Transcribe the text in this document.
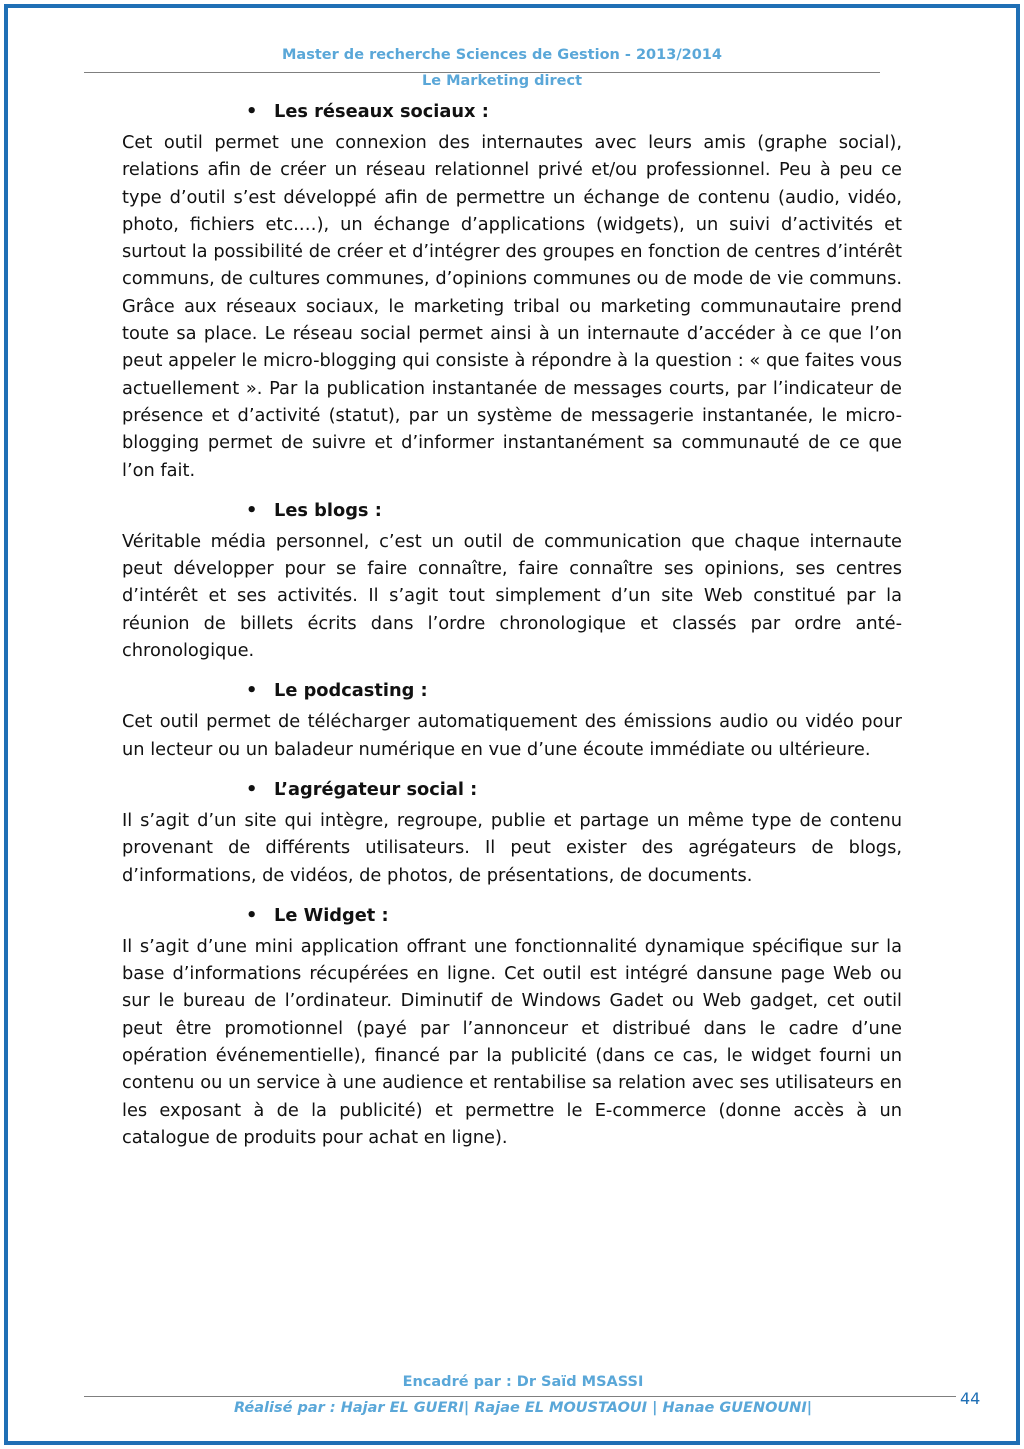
Master de recherche Sciences de Gestion - 2013/2014
Le Marketing direct
• Les réseaux sociaux :

Cet outil permet une connexion des internautes avec leurs amis (graphe social), relations afin de créer un réseau relationnel privé et/ou professionnel. Peu à peu ce type d’outil s’est développé afin de permettre un échange de contenu (audio, vidéo, photo, fichiers etc.…), un échange d’applications (widgets), un suivi d’activités et surtout la possibilité de créer et d’intégrer des groupes en fonction de centres d’intérêt communs, de cultures communes, d’opinions communes ou de mode de vie communs. Grâce aux réseaux sociaux, le marketing tribal ou marketing communautaire prend toute sa place. Le réseau social permet ainsi à un internaute d’accéder à ce que l’on peut appeler le micro-blogging qui consiste à répondre à la question : « que faites vous actuellement ». Par la publication instantanée de messages courts, par l’indicateur de présence et d’activité (statut), par un système de messagerie instantanée, le micro-blogging permet de suivre et d’informer instantanément sa communauté de ce que l’on fait.

• Les blogs :

Véritable média personnel, c’est un outil de communication que chaque internaute peut développer pour se faire connaître, faire connaître ses opinions, ses centres d’intérêt et ses activités. Il s’agit tout simplement d’un site Web constitué par la réunion de billets écrits dans l’ordre chronologique et classés par ordre anté-chronologique.

• Le podcasting :

Cet outil permet de télécharger automatiquement des émissions audio ou vidéo pour un lecteur ou un baladeur numérique en vue d’une écoute immédiate ou ultérieure.

• L’agrégateur social :

Il s’agit d’un site qui intègre, regroupe, publie et partage un même type de contenu provenant de différents utilisateurs. Il peut exister des agrégateurs de blogs, d’informations, de vidéos, de photos, de présentations, de documents.

• Le Widget :

Il s’agit d’une mini application offrant une fonctionnalité dynamique spécifique sur la base d’informations récupérées en ligne. Cet outil est intégré dansune page Web ou sur le bureau de l’ordinateur. Diminutif de Windows Gadet ou Web gadget, cet outil peut être promotionnel (payé par l’annonceur et distribué dans le cadre d’une opération événementielle), financé par la publicité (dans ce cas, le widget fourni un contenu ou un service à une audience et rentabilise sa relation avec ses utilisateurs en les exposant à de la publicité) et permettre le E-commerce (donne accès à un catalogue de produits pour achat en ligne).

Encadré par : Dr Saïd MSASSI
Réalisé par : Hajar EL GUERI| Rajae EL MOUSTAOUI | Hanae GUENOUNI|	44
